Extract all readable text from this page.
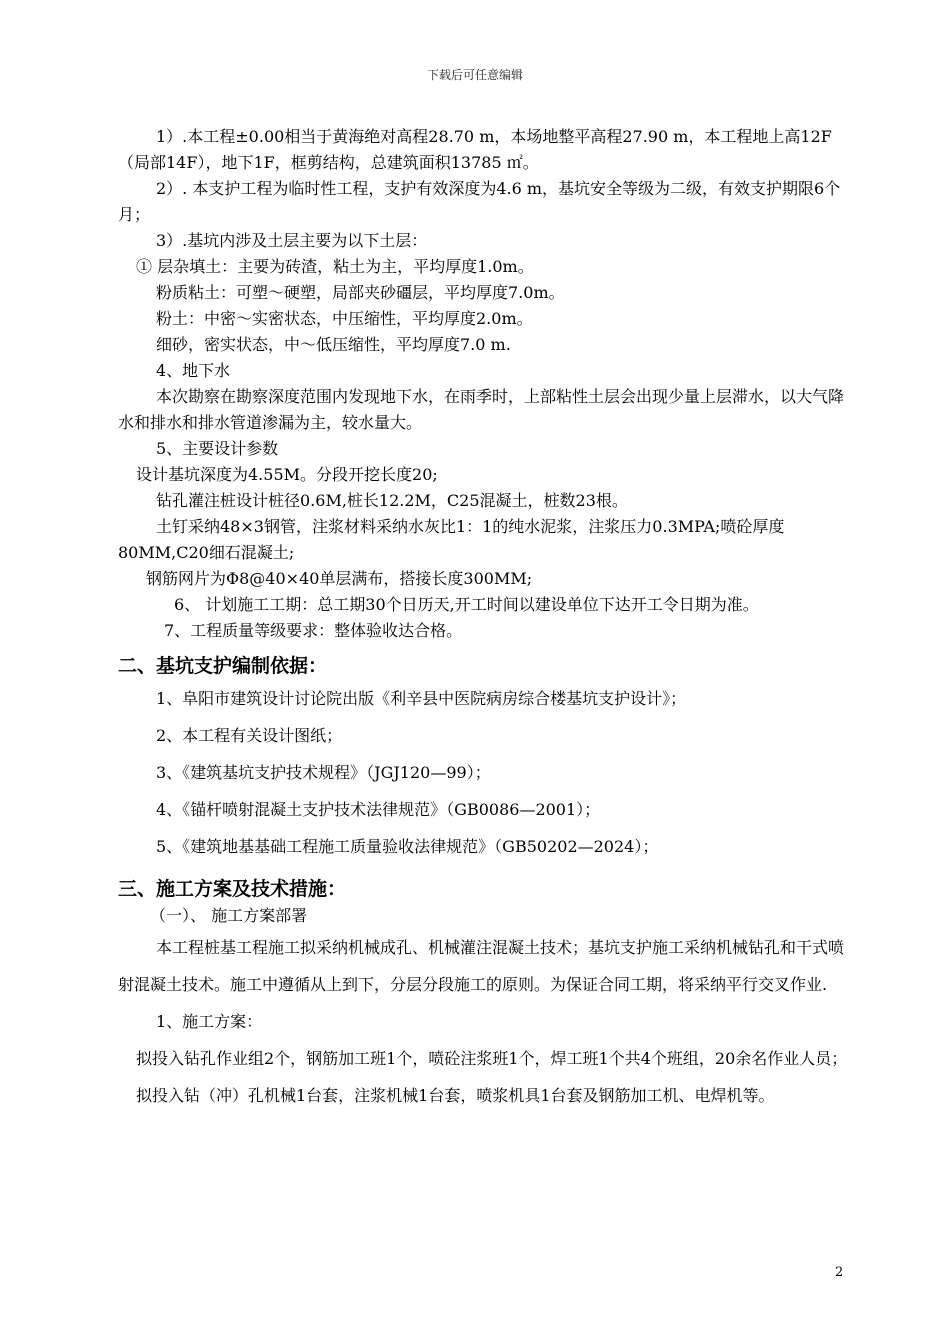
下载后可任意编辑

1）.本工程±0.00相当于黄海绝对高程28.70 m，本场地整平高程27.90 m，本工程地上高12F（局部14F），地下1F，框剪结构，总建筑面积13785 ㎡。

2）. 本支护工程为临时性工程，支护有效深度为4.6 m，基坑安全等级为二级，有效支护期限6个月；

3）.基坑内涉及土层主要为以下土层：

① 层杂填土：主要为砖渣，粘土为主，平均厚度1.0m。

粉质粘土：可塑～硬塑，局部夹砂礓层，平均厚度7.0m。

粉土：中密～实密状态，中压缩性，平均厚度2.0m。

细砂，密实状态，中～低压缩性，平均厚度7.0 m.

4、地下水

本次勘察在勘察深度范围内发现地下水，在雨季时，上部粘性土层会出现少量上层滞水，以大气降水和排水和排水管道渗漏为主，较水量大。

5、主要设计参数

设计基坑深度为4.55M。分段开挖长度20;

钻孔灌注桩设计桩径0.6M,桩长12.2M，C25混凝土，桩数23根。

土钉采纳48×3钢管，注浆材料采纳水灰比1：1的纯水泥浆，注浆压力0.3MPA;喷砼厚度80MM,C20细石混凝土;

钢筋网片为Φ8@40×40单层满布，搭接长度300MM;

6、 计划施工工期：总工期30个日历天,开工时间以建设单位下达开工令日期为准。

7、工程质量等级要求：整体验收达合格。

二、基坑支护编制依据：

1、阜阳市建筑设计讨论院出版《利辛县中医院病房综合楼基坑支护设计》；

2、本工程有关设计图纸；

3、《建筑基坑支护技术规程》（JGJ120—99）；

4、《锚杆喷射混凝土支护技术法律规范》（GB0086—2001）；

5、《建筑地基基础工程施工质量验收法律规范》（GB50202—2024）；

三、施工方案及技术措施：

（一）、 施工方案部署

本工程桩基工程施工拟采纳机械成孔、机械灌注混凝土技术；基坑支护施工采纳机械钻孔和干式喷射混凝土技术。施工中遵循从上到下，分层分段施工的原则。为保证合同工期，将采纳平行交叉作业.

1、施工方案：

拟投入钻孔作业组2个，钢筋加工班1个，喷砼注浆班1个，焊工班1个共4个班组，20余名作业人员；

拟投入钻（冲）孔机械1台套，注浆机械1台套，喷浆机具1台套及钢筋加工机、电焊机等。

2
